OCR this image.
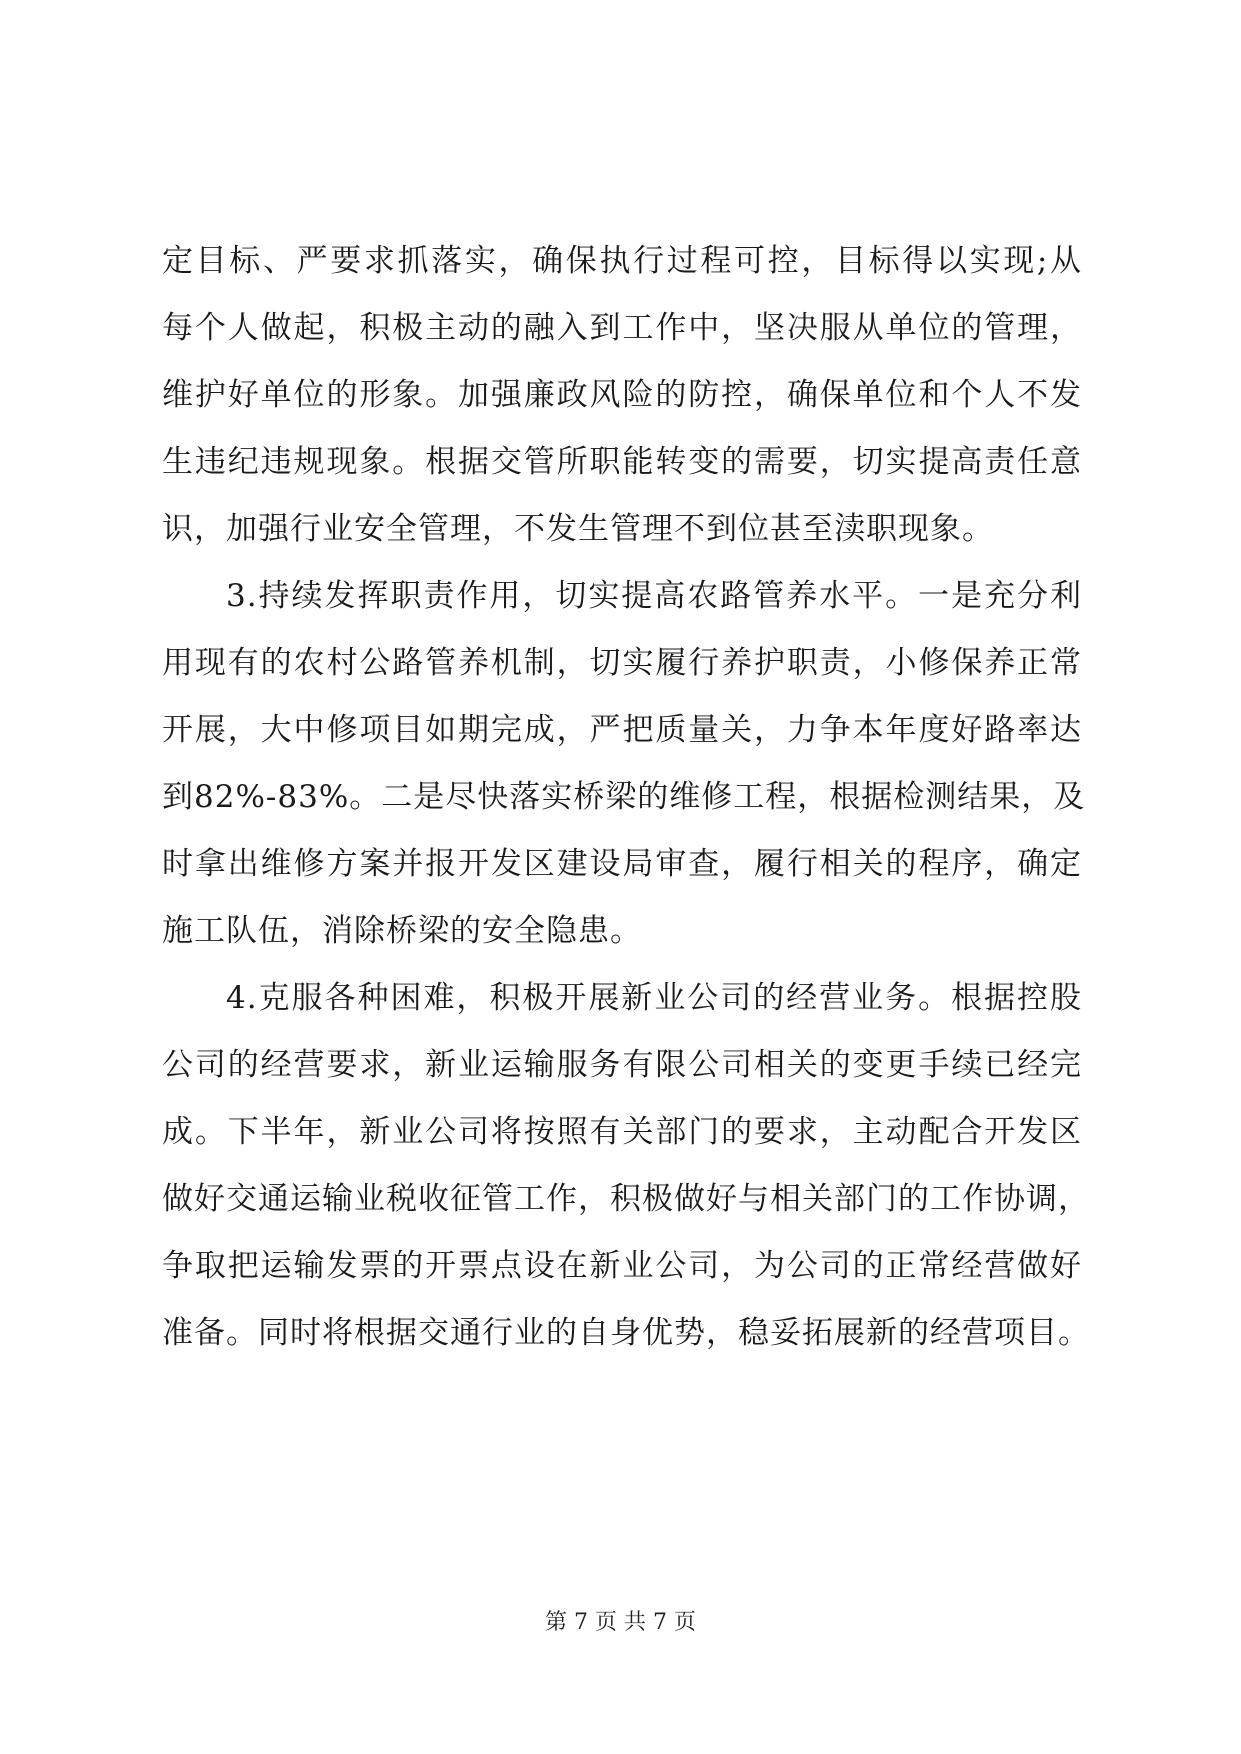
定目标、严要求抓落实，确保执行过程可控，目标得以实现;从
每个人做起，积极主动的融入到工作中，坚决服从单位的管理，
维护好单位的形象。加强廉政风险的防控，确保单位和个人不发
生违纪违规现象。根据交管所职能转变的需要，切实提高责任意
识，加强行业安全管理，不发生管理不到位甚至渎职现象。
3.持续发挥职责作用，切实提高农路管养水平。一是充分利
用现有的农村公路管养机制，切实履行养护职责，小修保养正常
开展，大中修项目如期完成，严把质量关，力争本年度好路率达
到82%-83%。二是尽快落实桥梁的维修工程，根据检测结果，及
时拿出维修方案并报开发区建设局审查，履行相关的程序，确定
施工队伍，消除桥梁的安全隐患。
4.克服各种困难，积极开展新业公司的经营业务。根据控股
公司的经营要求，新业运输服务有限公司相关的变更手续已经完
成。下半年，新业公司将按照有关部门的要求，主动配合开发区
做好交通运输业税收征管工作，积极做好与相关部门的工作协调，
争取把运输发票的开票点设在新业公司，为公司的正常经营做好
准备。同时将根据交通行业的自身优势，稳妥拓展新的经营项目。
第 7 页 共 7 页
